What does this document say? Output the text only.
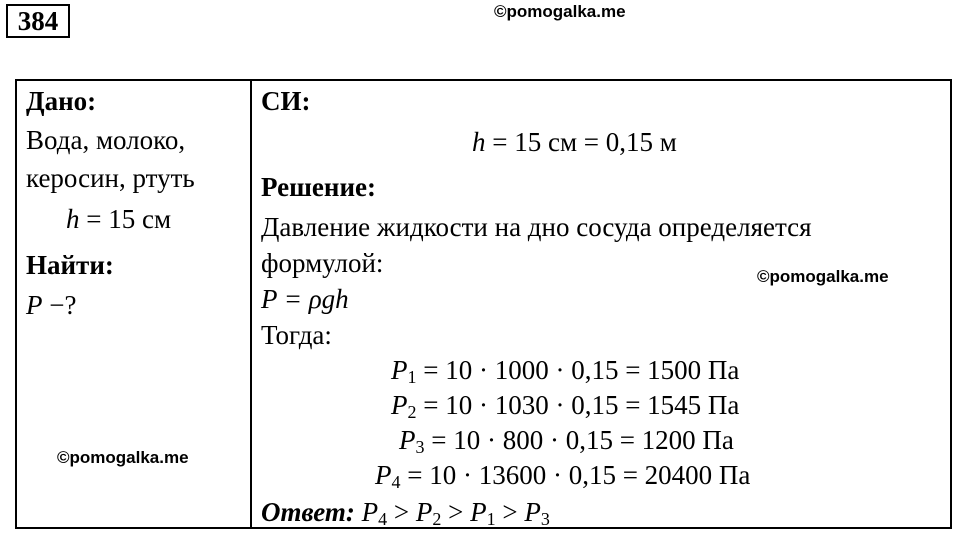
384	©pomogalka.me
Дано:
Вода, молоко,
керосин, ртуть
h = 15 см
Найти:
P −?
©pomogalka.me
СИ:
h = 15 см = 0,15 м
Решение:
Давление жидкости на дно сосуда определяется
формулой:	©pomogalka.me
P = ρgh
Тогда:
$P_1 = 10 \cdot 1000 \cdot 0,15 = 1500$ Па
$P_2 = 10 \cdot 1030 \cdot 0,15 = 1545$ Па
$P_3 = 10 \cdot 800 \cdot 0,15 = 1200$ Па
$P_4 = 10 \cdot 13600 \cdot 0,15 = 20400$ Па
Ответ: $P_4 > P_2 > P_1 > P_3$
